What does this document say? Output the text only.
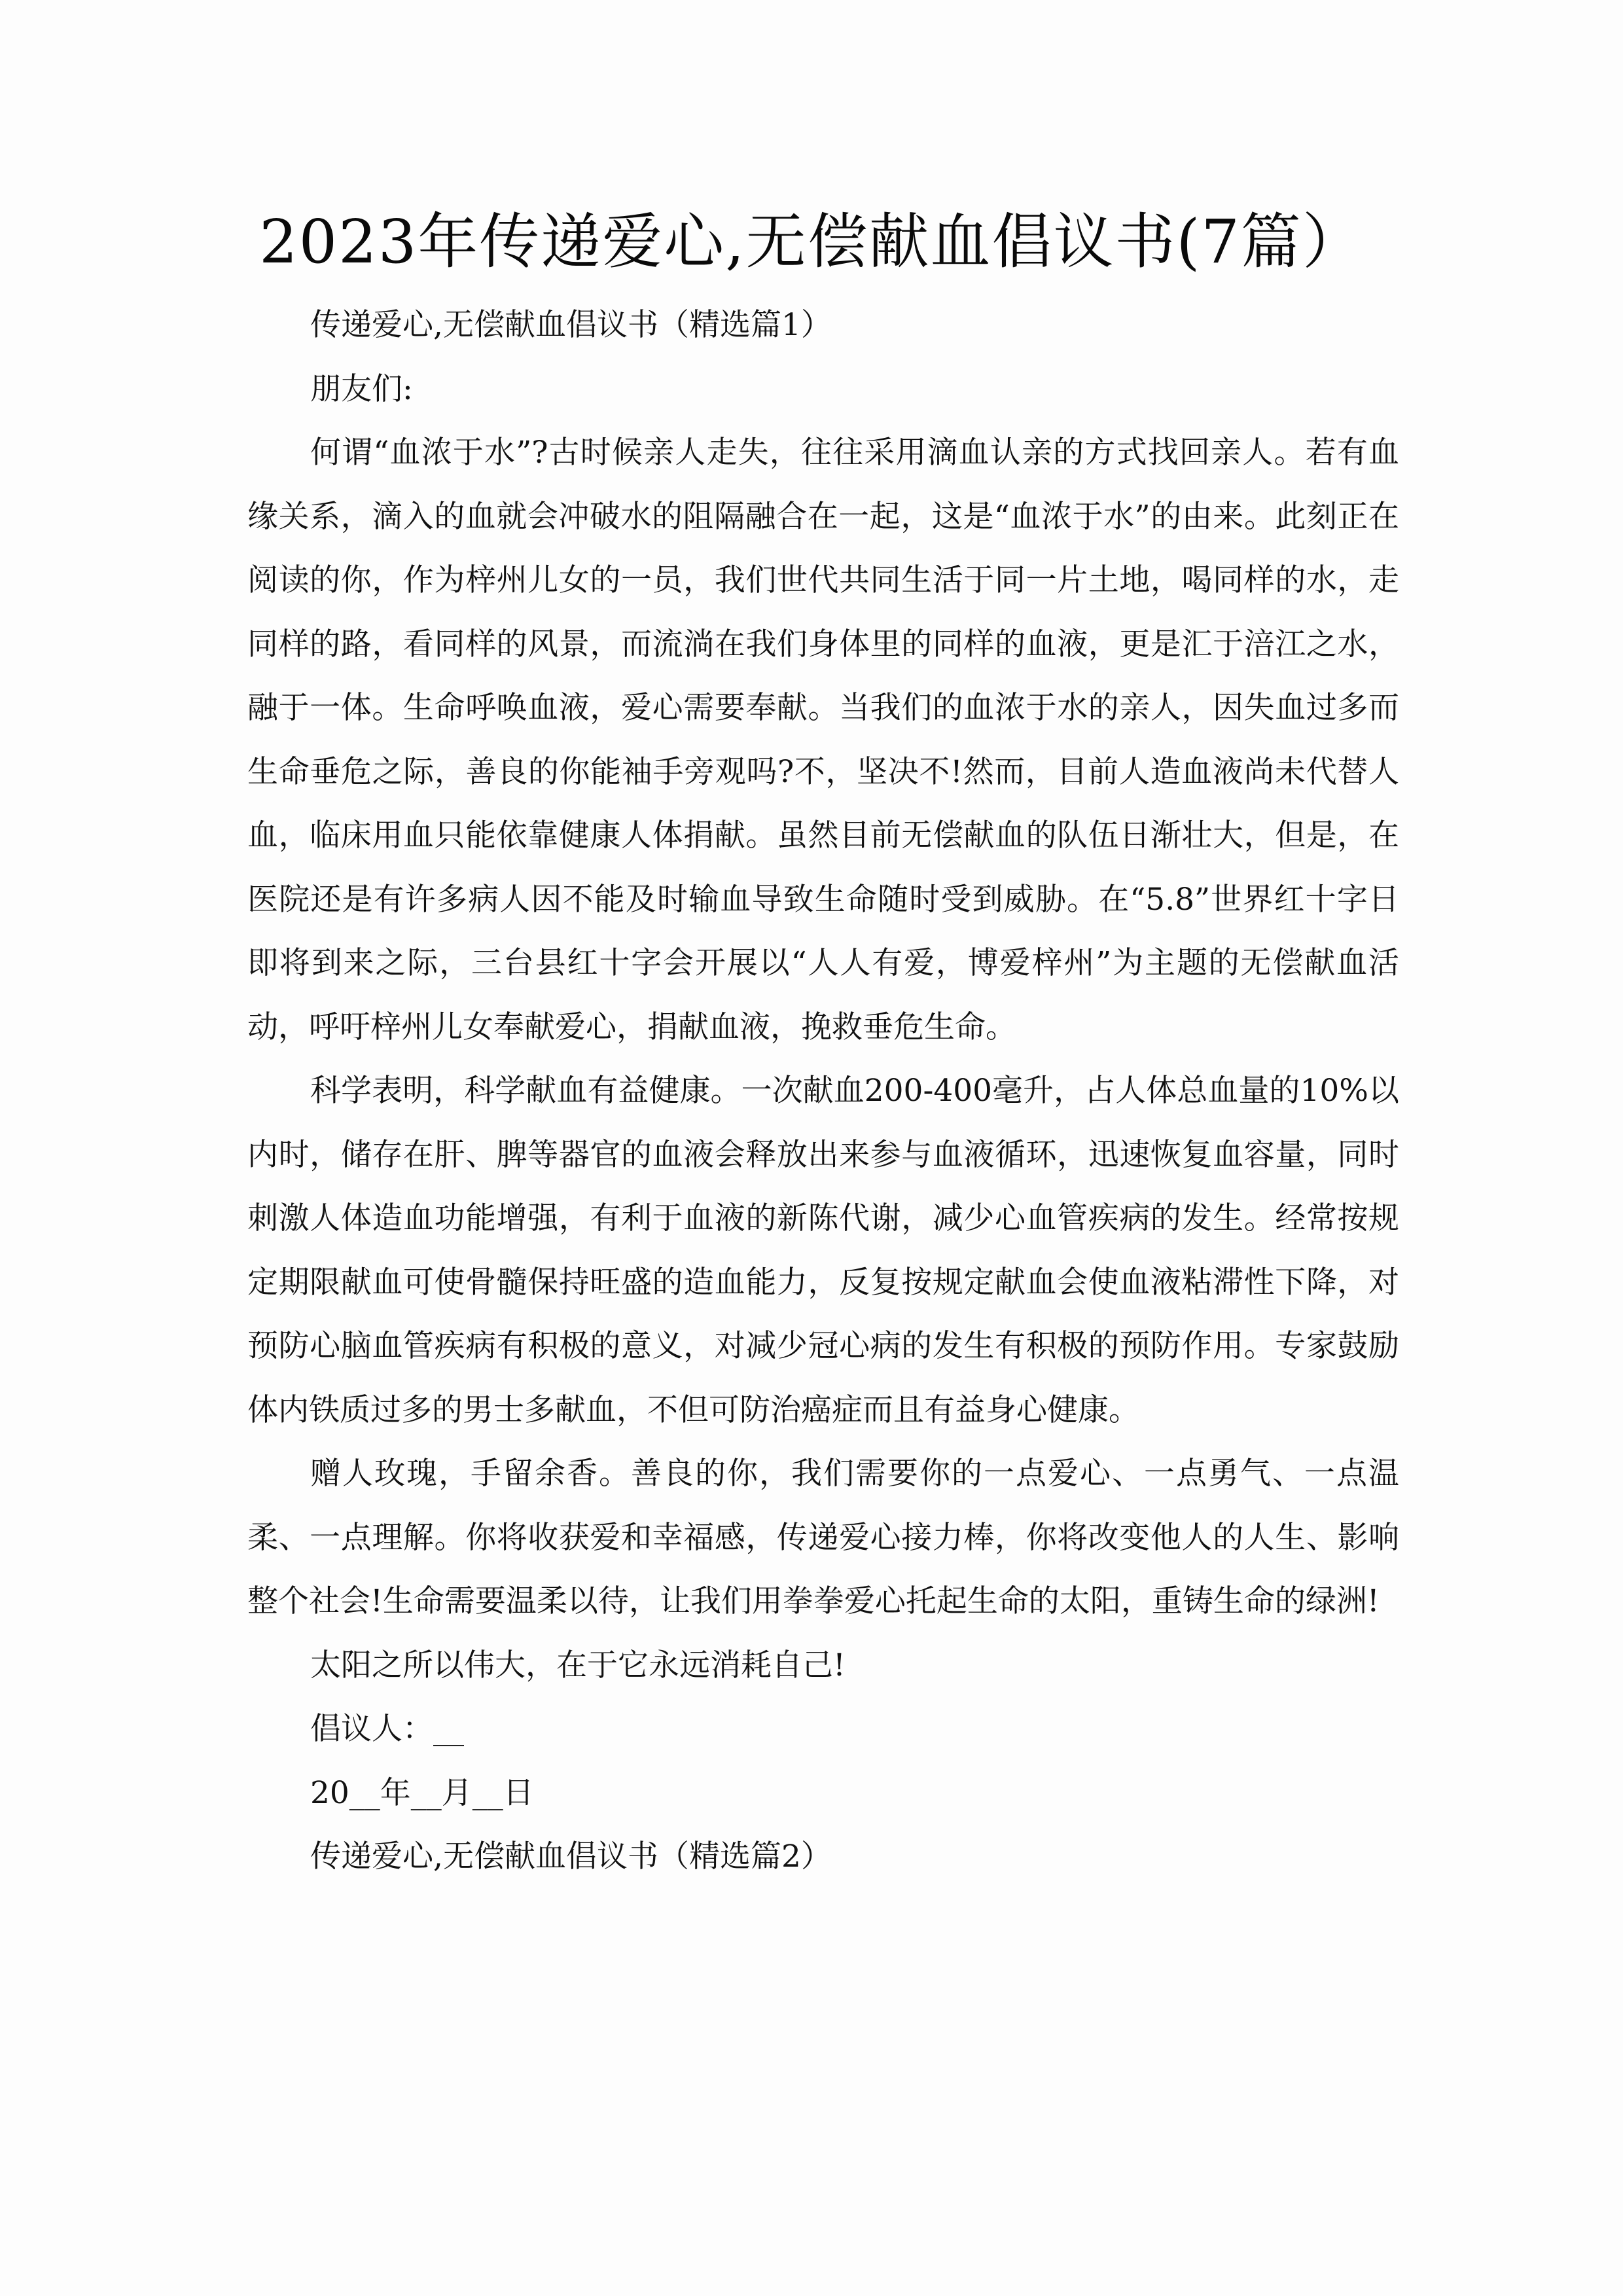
2023年传递爱心,无偿献血倡议书(7篇）

传递爱心,无偿献血倡议书（精选篇1）

朋友们:

何谓“血浓于水”?古时候亲人走失，往往采用滴血认亲的方式找回亲人。若有血缘关系，滴入的血就会冲破水的阻隔融合在一起，这是“血浓于水”的由来。此刻正在阅读的你，作为梓州儿女的一员，我们世代共同生活于同一片土地，喝同样的水，走同样的路，看同样的风景，而流淌在我们身体里的同样的血液，更是汇于涪江之水，融于一体。生命呼唤血液，爱心需要奉献。当我们的血浓于水的亲人，因失血过多而生命垂危之际，善良的你能袖手旁观吗?不，坚决不!然而，目前人造血液尚未代替人血，临床用血只能依靠健康人体捐献。虽然目前无偿献血的队伍日渐壮大，但是，在医院还是有许多病人因不能及时输血导致生命随时受到威胁。在“5.8”世界红十字日即将到来之际，三台县红十字会开展以“人人有爱，博爱梓州”为主题的无偿献血活动，呼吁梓州儿女奉献爱心，捐献血液，挽救垂危生命。

科学表明，科学献血有益健康。一次献血200-400毫升，占人体总血量的10%以内时，储存在肝、脾等器官的血液会释放出来参与血液循环，迅速恢复血容量，同时刺激人体造血功能增强，有利于血液的新陈代谢，减少心血管疾病的发生。经常按规定期限献血可使骨髓保持旺盛的造血能力，反复按规定献血会使血液粘滞性下降，对预防心脑血管疾病有积极的意义，对减少冠心病的发生有积极的预防作用。专家鼓励体内铁质过多的男士多献血，不但可防治癌症而且有益身心健康。

赠人玫瑰，手留余香。善良的你，我们需要你的一点爱心、一点勇气、一点温柔、一点理解。你将收获爱和幸福感，传递爱心接力棒，你将改变他人的人生、影响整个社会!生命需要温柔以待，让我们用拳拳爱心托起生命的太阳，重铸生命的绿洲!

太阳之所以伟大，在于它永远消耗自己!

倡议人：__

20__年__月__日

传递爱心,无偿献血倡议书（精选篇2）
